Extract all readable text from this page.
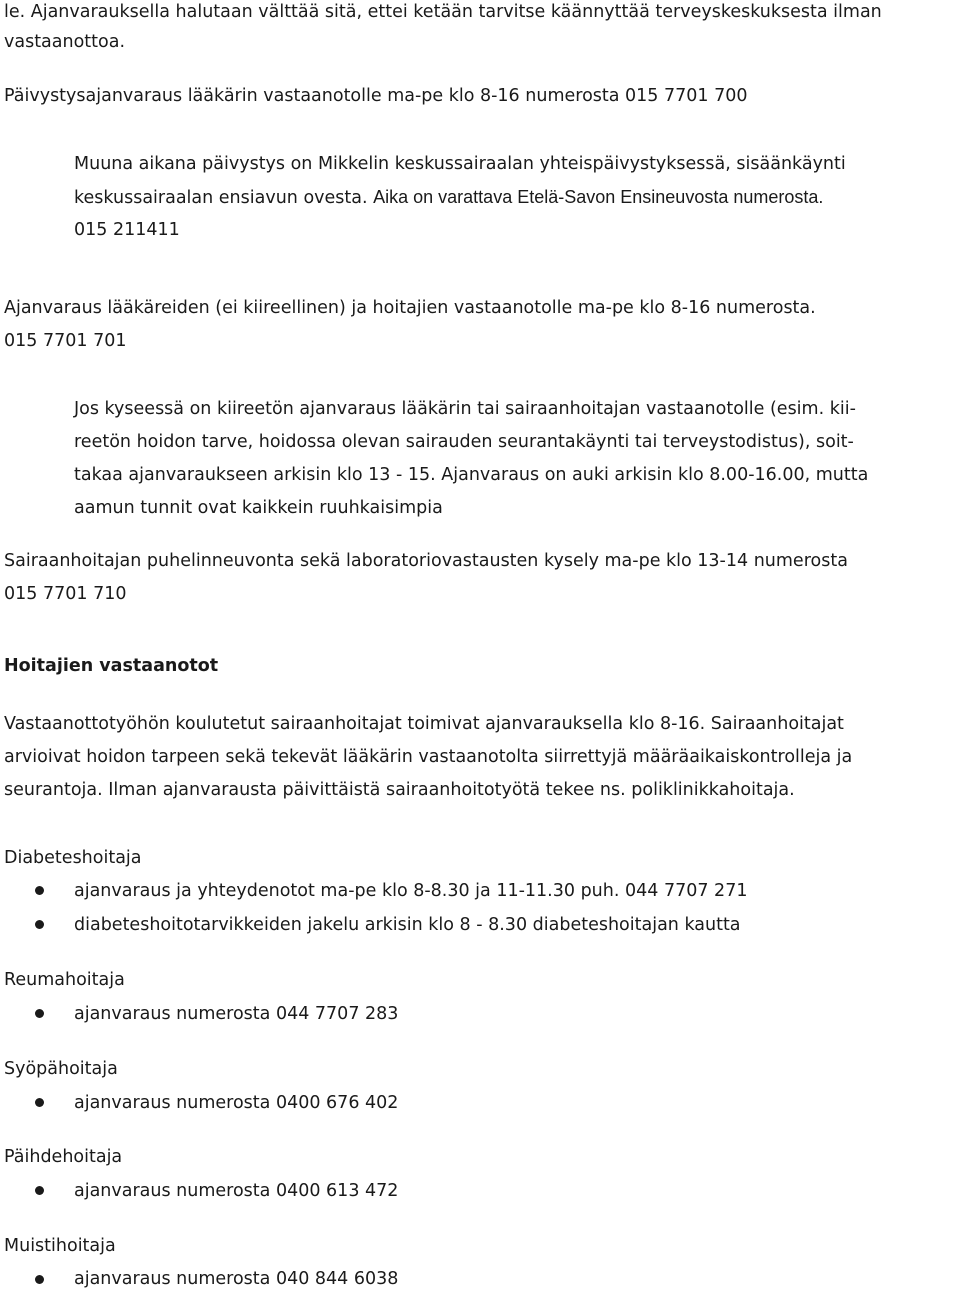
le. Ajanvarauksella halutaan välttää sitä, ettei ketään tarvitse käännyttää terveyskeskuksesta ilman

vastaanottoa.

Päivystysajanvaraus lääkärin vastaanotolle ma-pe klo 8-16 numerosta 015 7701 700

Muuna aikana päivystys on Mikkelin keskussairaalan yhteispäivystyksessä, sisäänkäynti

keskussairaalan ensiavun ovesta. Aika on varattava Etelä-Savon Ensineuvosta numerosta.

015 211411

Ajanvaraus lääkäreiden (ei kiireellinen) ja hoitajien vastaanotolle ma-pe klo 8-16 numerosta.

015 7701 701

Jos kyseessä on kiireetön ajanvaraus lääkärin tai sairaanhoitajan vastaanotolle (esim. kii-

reetön hoidon tarve, hoidossa olevan sairauden seurantakäynti tai terveystodistus), soit-

takaa ajanvaraukseen arkisin klo 13 - 15. Ajanvaraus on auki arkisin klo 8.00-16.00, mutta

aamun tunnit ovat kaikkein ruuhkaisimpia

Sairaanhoitajan puhelinneuvonta sekä laboratoriovastausten kysely ma-pe klo 13-14 numerosta

015 7701 710

Hoitajien vastaanotot

Vastaanottotyöhön koulutetut sairaanhoitajat toimivat ajanvarauksella klo 8-16. Sairaanhoitajat

arvioivat hoidon tarpeen sekä tekevät lääkärin vastaanotolta siirrettyjä määräaikaiskontrolleja ja

seurantoja. Ilman ajanvarausta päivittäistä sairaanhoitotyötä tekee ns. poliklinikkahoitaja.

Diabeteshoitaja

ajanvaraus ja yhteydenotot ma-pe klo 8-8.30 ja 11-11.30 puh. 044 7707 271

diabeteshoitotarvikkeiden jakelu arkisin klo 8 - 8.30 diabeteshoitajan kautta

Reumahoitaja

ajanvaraus numerosta 044 7707 283

Syöpähoitaja

ajanvaraus numerosta 0400 676 402

Päihdehoitaja

ajanvaraus numerosta 0400 613 472

Muistihoitaja

ajanvaraus numerosta 040 844 6038
